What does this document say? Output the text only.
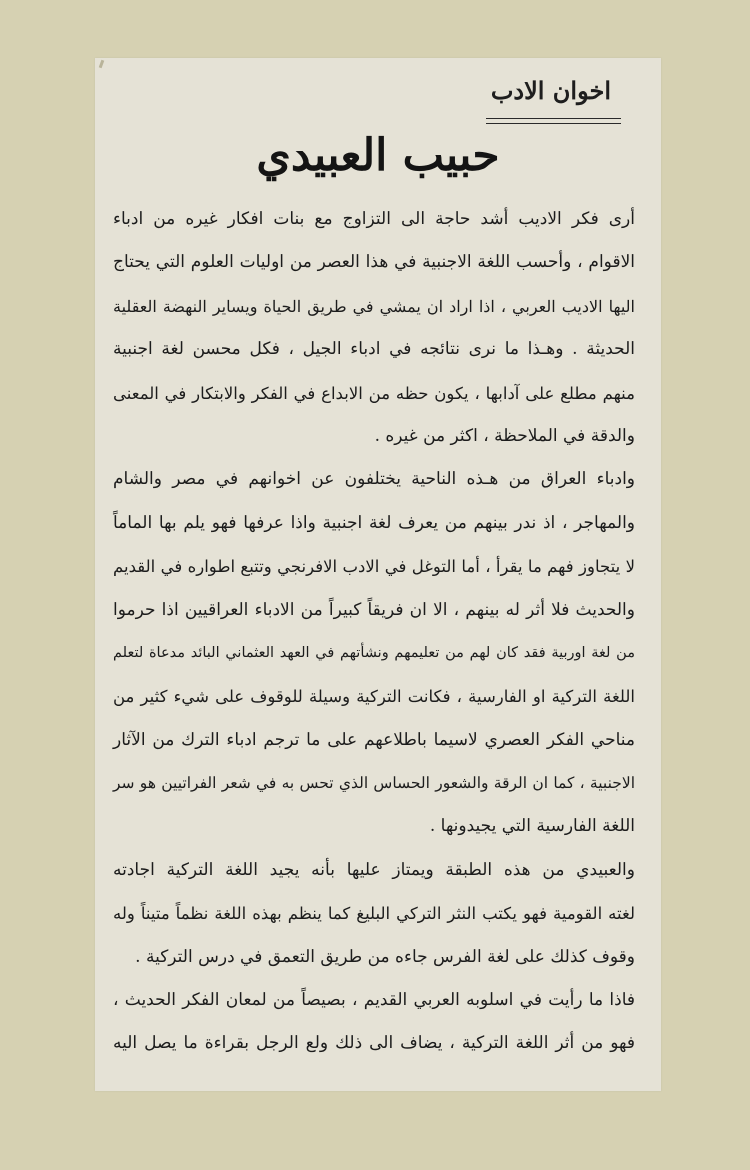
اخوان الادب
حبيب العبيدي
أرى فكر الاديب أشد حاجة الى التزاوج مع بنات افكار غيره من ادباء
الاقوام ، وأحسب اللغة الاجنبية في هذا العصر من اوليات العلوم التي يحتاج
اليها الاديب العربي ، اذا اراد ان يمشي في طريق الحياة ويساير النهضة العقلية
الحديثة . وهـذا ما نرى نتائجه في ادباء الجيل ، فكل محسن لغة اجنبية
منهم مطلع على آدابها ، يكون حظه من الابداع في الفكر والابتكار في المعنى
والدقة في الملاحظة ، اكثر من غيره .
وادباء العراق من هـذه الناحية يختلفون عن اخوانهم في مصر والشام
والمهاجر ، اذ ندر بينهم من يعرف لغة اجنبية واذا عرفها فهو يلم بها الماماً
لا يتجاوز فهم ما يقرأ ، أما التوغل في الادب الافرنجي وتتبع اطواره في القديم
والحديث فلا أثر له بينهم ، الا ان فريقاً كبيراً من الادباء العراقيين اذا حرموا
من لغة اوربية فقد كان لهم من تعليمهم ونشأتهم في العهد العثماني البائد مدعاة لتعلم
اللغة التركية او الفارسية ، فكانت التركية وسيلة للوقوف على شيء كثير من
مناحي الفكر العصري لاسيما باطلاعهم على ما ترجم ادباء الترك من الآثار
الاجنبية ، كما ان الرقة والشعور الحساس الذي تحس به في شعر الفراتيين هو سر
اللغة الفارسية التي يجيدونها .
والعبيدي من هذه الطبقة ويمتاز عليها بأنه يجيد اللغة التركية اجادته
لغته القومية فهو يكتب النثر التركي البليغ كما ينظم بهذه اللغة نظماً متيناً وله
وقوف كذلك على لغة الفرس جاءه من طريق التعمق في درس التركية .
فاذا ما رأيت في اسلوبه العربي القديم ، بصيصاً من لمعان الفكر الحديث ،
فهو من أثر اللغة التركية ، يضاف الى ذلك ولع الرجل بقراءة ما يصل اليه
